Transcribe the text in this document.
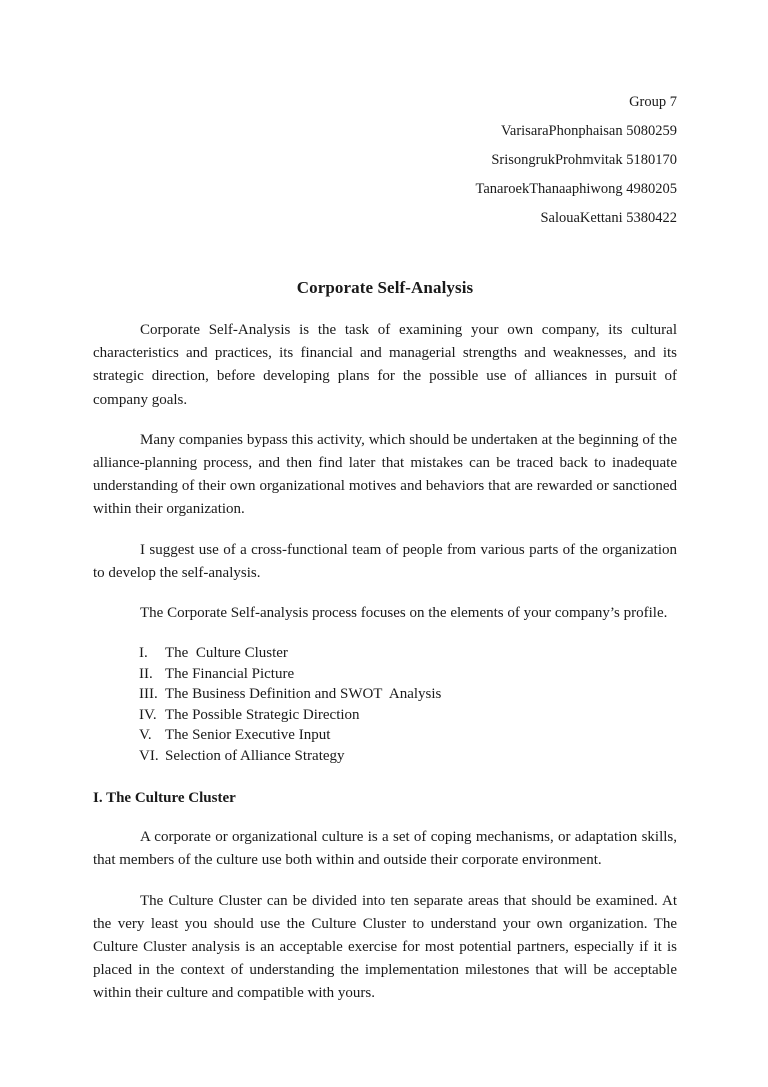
Group 7
VarisaraPhonphaisan 5080259
SrisongrukProhmvitak 5180170
TanaroekThanaaphiwong 4980205
SalouaKettani 5380422
Corporate Self-Analysis

Corporate Self-Analysis is the task of examining your own company, its cultural characteristics and practices, its financial and managerial strengths and weaknesses, and its strategic direction, before developing plans for the possible use of alliances in pursuit of company goals.

Many companies bypass this activity, which should be undertaken at the beginning of the alliance-planning process, and then find later that mistakes can be traced back to inadequate understanding of their own organizational motives and behaviors that are rewarded or sanctioned within their organization.

I suggest use of a cross-functional team of people from various parts of the organization to develop the self-analysis.

The Corporate Self-analysis process focuses on the elements of your company’s profile.

I.	The  Culture Cluster
II. The Financial Picture
III. The Business Definition and SWOT  Analysis
IV. The Possible Strategic Direction
V. The Senior Executive Input
VI. Selection of Alliance Strategy
I. The Culture Cluster

A corporate or organizational culture is a set of coping mechanisms, or adaptation skills, that members of the culture use both within and outside their corporate environment.

The Culture Cluster can be divided into ten separate areas that should be examined. At the very least you should use the Culture Cluster to understand your own organization. The Culture Cluster analysis is an acceptable exercise for most potential partners, especially if it is placed in the context of understanding the implementation milestones that will be acceptable within their culture and compatible with yours.
